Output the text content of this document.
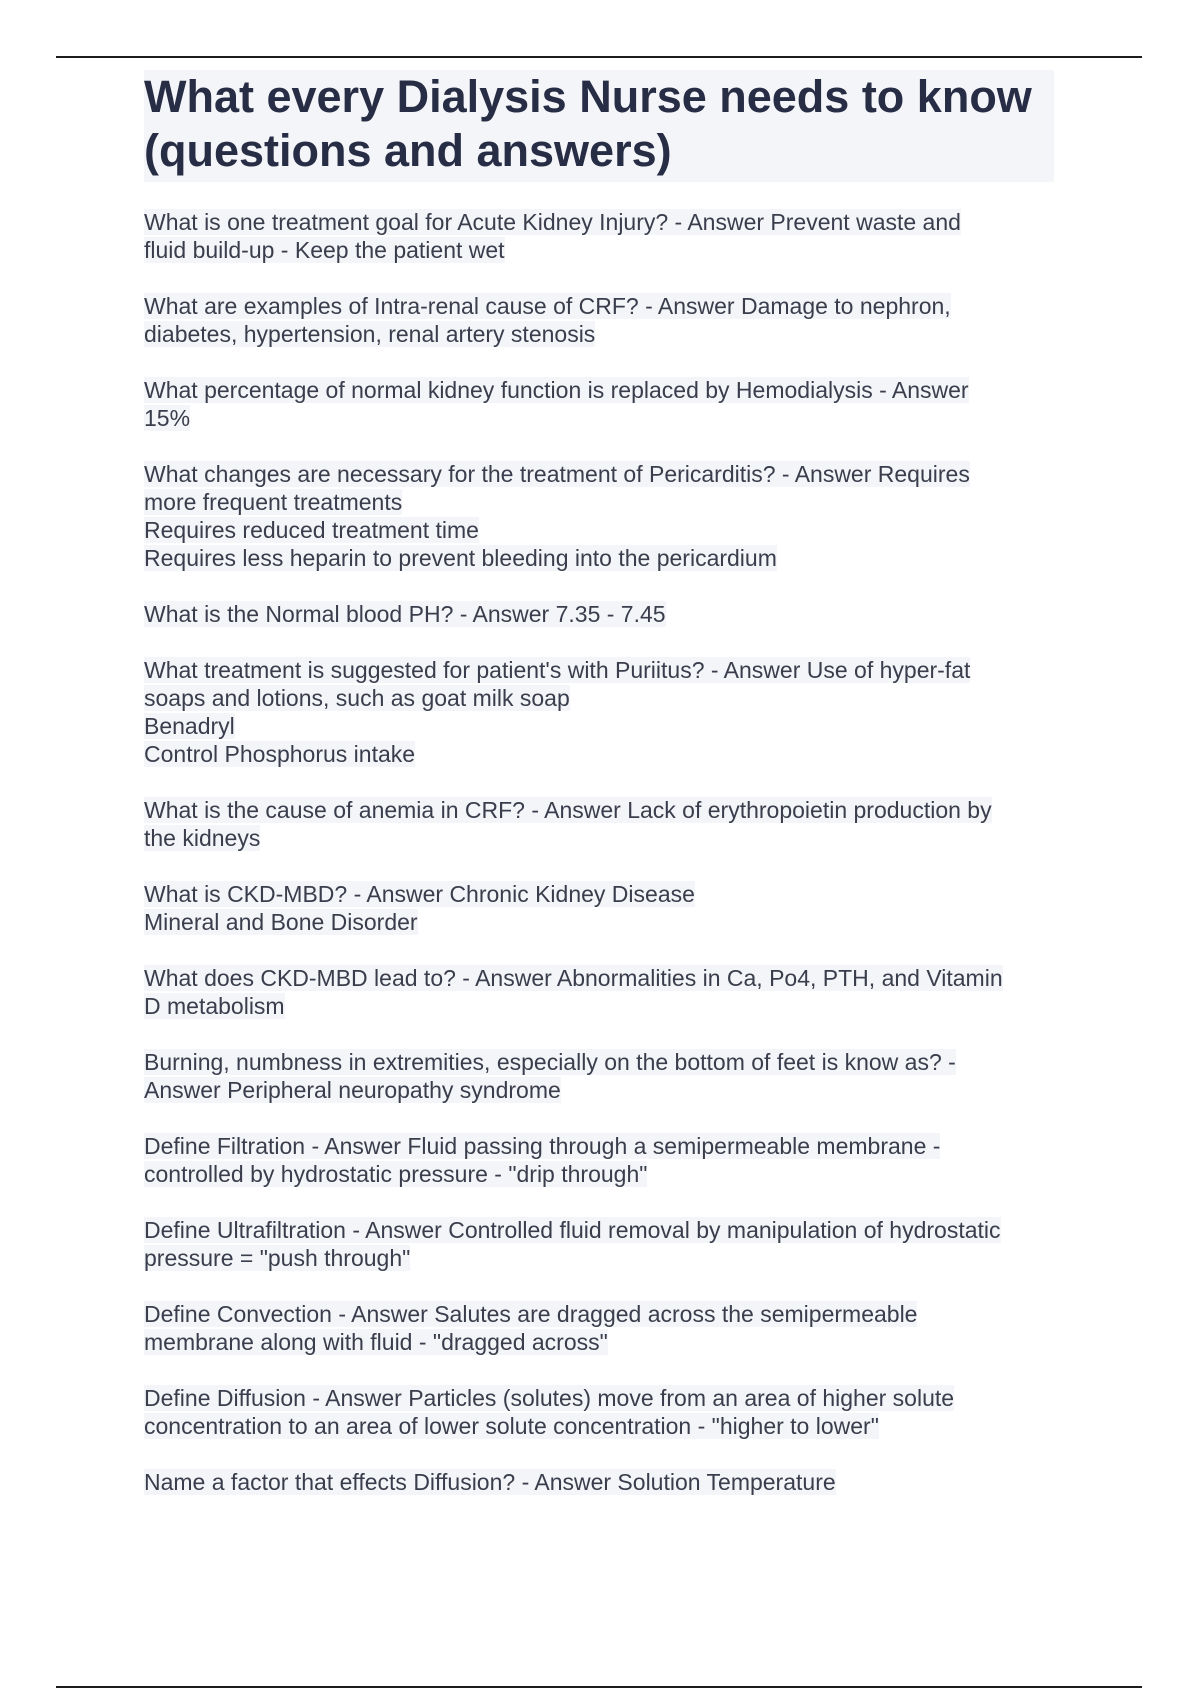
What every Dialysis Nurse needs to know (questions and answers)
What is one treatment goal for Acute Kidney Injury? - Answer Prevent waste and
fluid build-up - Keep the patient wet
What are examples of Intra-renal cause of CRF? - Answer Damage to nephron,
diabetes, hypertension, renal artery stenosis
What percentage of normal kidney function is replaced by Hemodialysis - Answer
15%
What changes are necessary for the treatment of Pericarditis? - Answer Requires
more frequent treatments
Requires reduced treatment time
Requires less heparin to prevent bleeding into the pericardium
What is the Normal blood PH? - Answer 7.35 - 7.45
What treatment is suggested for patient's with Puriitus? - Answer Use of hyper-fat
soaps and lotions, such as goat milk soap
Benadryl
Control Phosphorus intake
What is the cause of anemia in CRF? - Answer Lack of erythropoietin production by
the kidneys
What is CKD-MBD? - Answer Chronic Kidney Disease
Mineral and Bone Disorder
What does CKD-MBD lead to? - Answer Abnormalities in Ca, Po4, PTH, and Vitamin
D metabolism
Burning, numbness in extremities, especially on the bottom of feet is know as? -
Answer Peripheral neuropathy syndrome
Define Filtration - Answer Fluid passing through a semipermeable membrane -
controlled by hydrostatic pressure - "drip through"
Define Ultrafiltration - Answer Controlled fluid removal by manipulation of hydrostatic
pressure = "push through"
Define Convection - Answer Salutes are dragged across the semipermeable
membrane along with fluid - "dragged across"
Define Diffusion - Answer Particles (solutes) move from an area of higher solute
concentration to an area of lower solute concentration - "higher to lower"
Name a factor that effects Diffusion? - Answer Solution Temperature
